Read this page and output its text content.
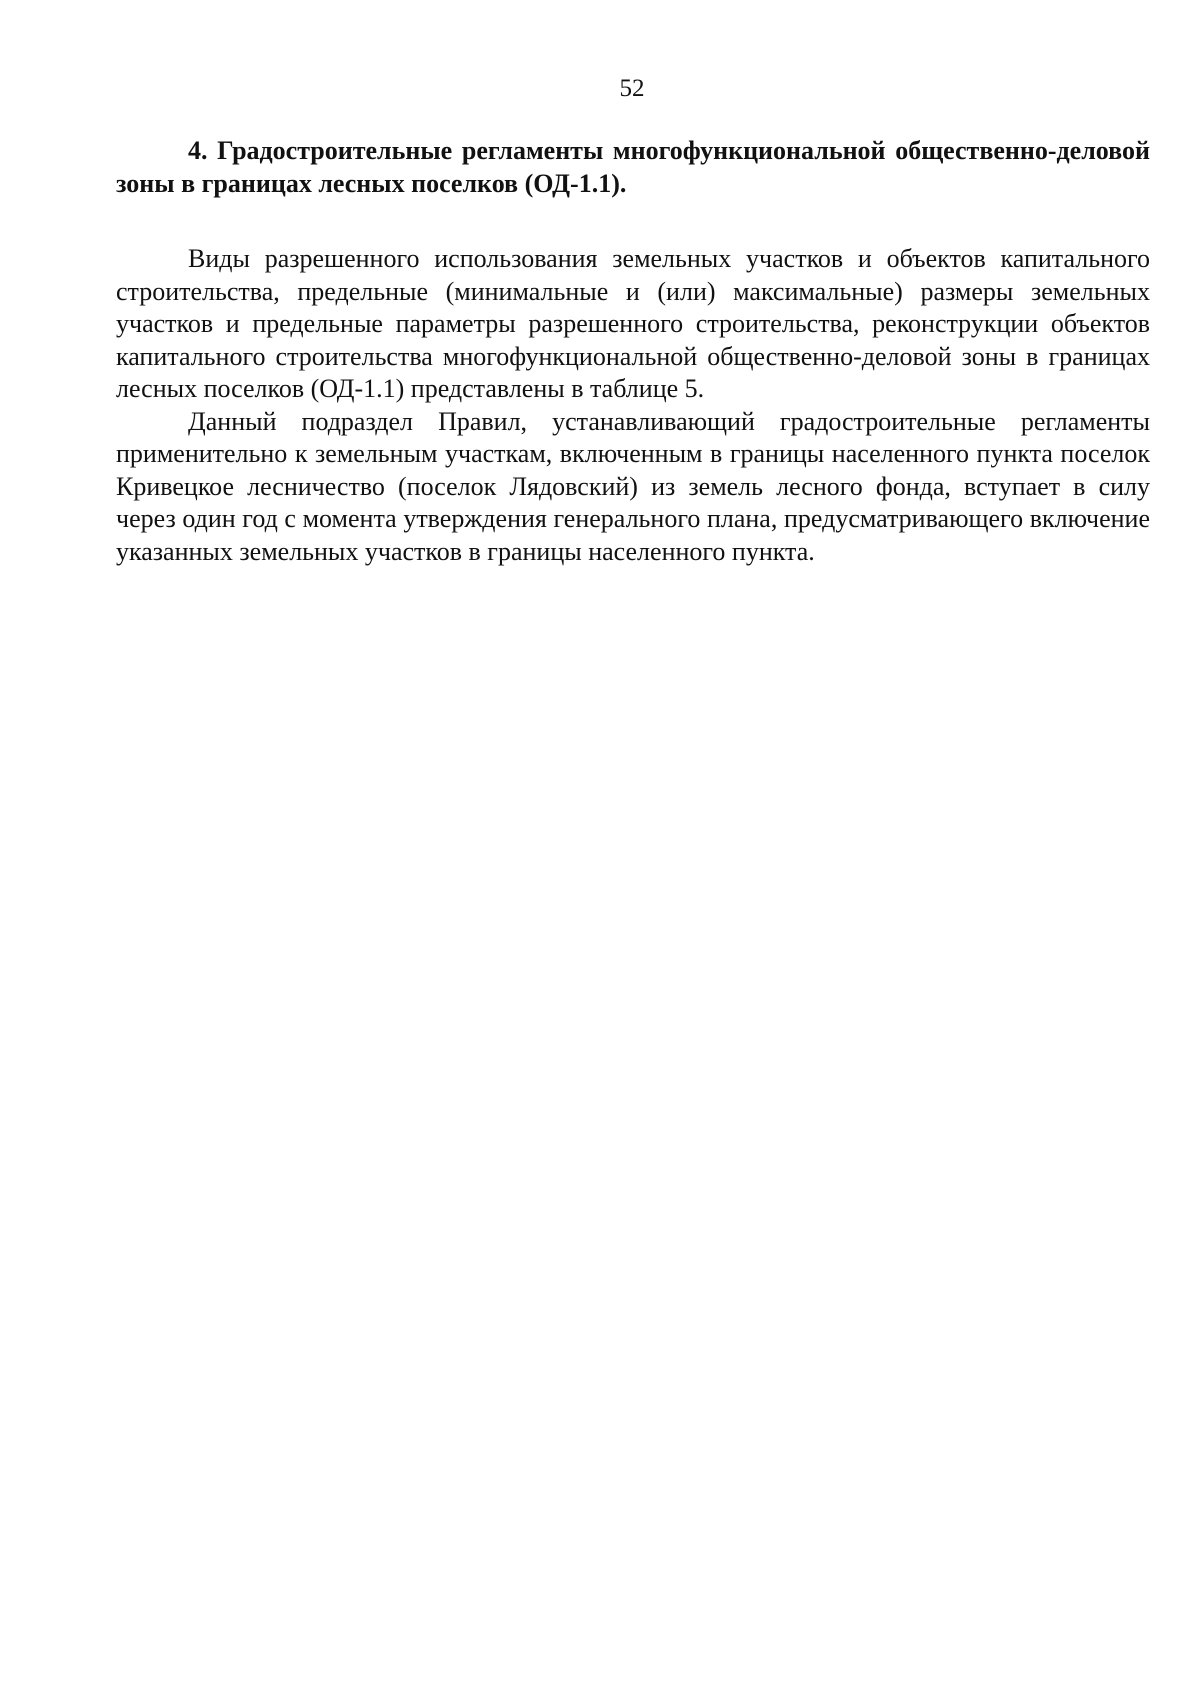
52

4. Градостроительные регламенты многофункциональной общественно-деловой зоны в границах лесных поселков (ОД-1.1).

Виды разрешенного использования земельных участков и объектов капитального строительства, предельные (минимальные и (или) максимальные) размеры земельных участков и предельные параметры разрешенного строительства, реконструкции объектов капитального строительства многофункциональной общественно-деловой зоны в границах лесных поселков (ОД-1.1) представлены в таблице 5.

Данный подраздел Правил, устанавливающий градостроительные регламенты применительно к земельным участкам, включенным в границы населенного пункта поселок Кривецкое лесничество (поселок Лядовский) из земель лесного фонда, вступает в силу через один год с момента утверждения генерального плана, предусматривающего включение указанных земельных участков в границы населенного пункта.
